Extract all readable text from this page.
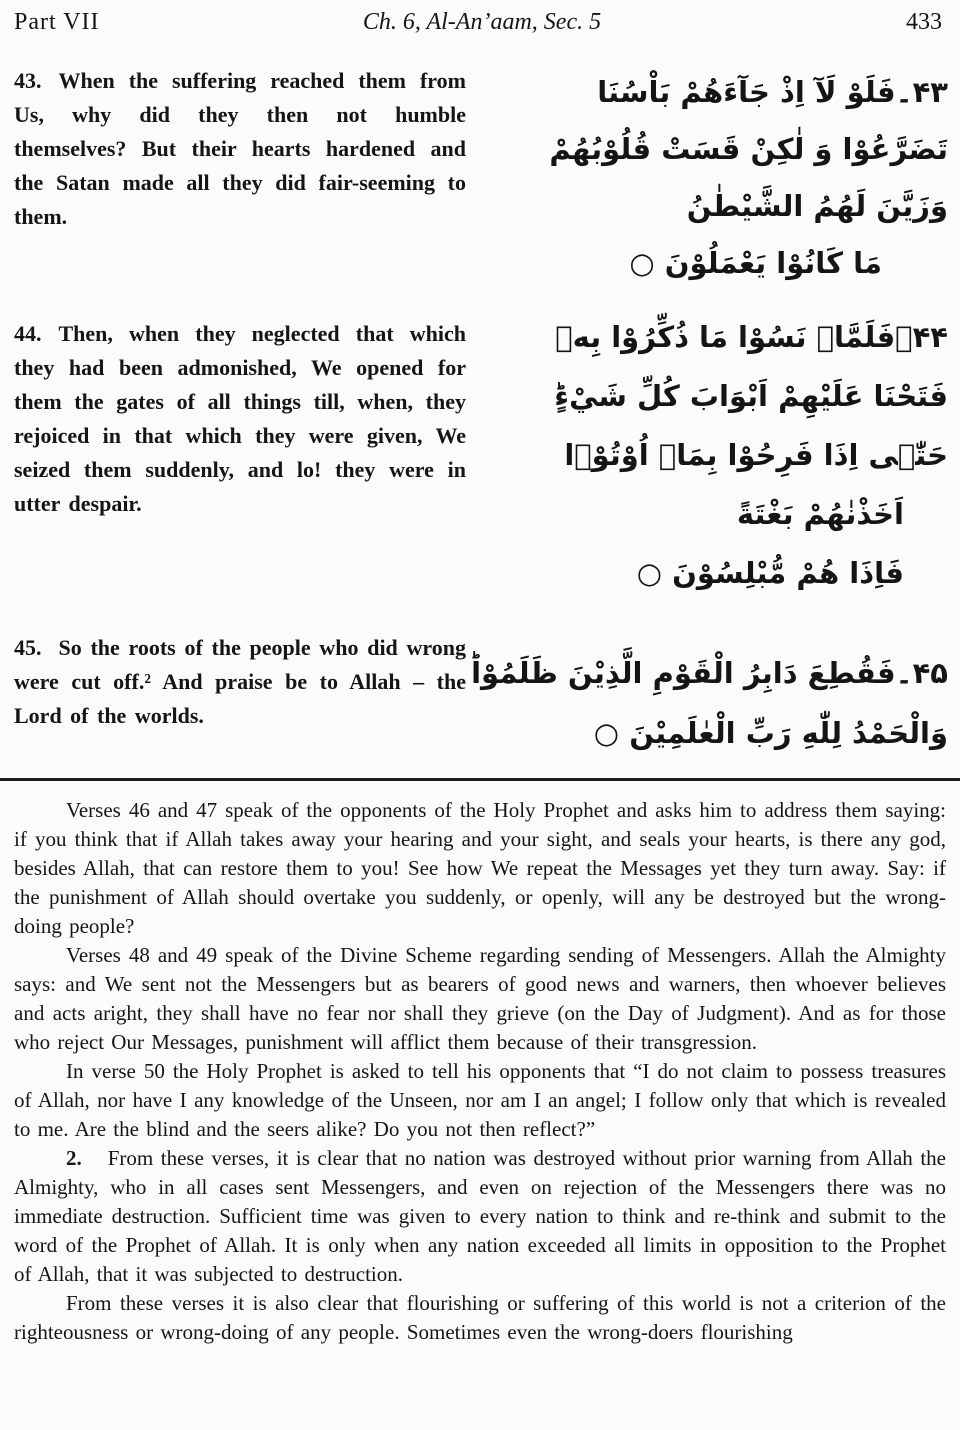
Part VII	Ch. 6, Al-An’aam, Sec. 5	433
43. When the suffering reached them from Us, why did they then not humble themselves? But their hearts hardened and the Satan made all they did fair-seeming to them.
۴۳۔فَلَوْ لَآ اِذْ جَآءَهُمْ بَاْسُنَا
تَضَرَّعُوْا وَ لٰكِنْ قَسَتْ قُلُوْبُهُمْ
وَزَيَّنَ لَهُمُ الشَّيْطٰنُ
مَا كَانُوْا يَعْمَلُوْنَ ○
44. Then, when they neglected that which they had been admonished, We opened for them the gates of all things till, when, they rejoiced in that which they were given, We seized them suddenly, and lo! they were in utter despair.
۴۴۔فَلَمَّاۤ نَسُوْا مَا ذُكِّرُوْا بِهٖ
فَتَحْنَا عَلَيْهِمْ اَبْوَابَ كُلِّ شَيْءٍؕ
حَتّٰۤى اِذَا فَرِحُوْا بِمَاۤ اُوْتُوْۤا
اَخَذْنٰهُمْ بَغْتَةً
فَاِذَا هُمْ مُّبْلِسُوْنَ ○
45. So the roots of the people who did wrong were cut off.² And praise be to Allah – the Lord of the worlds.
۴۵۔فَقُطِعَ دَابِرُ الْقَوْمِ الَّذِيْنَ ظَلَمُوْاؕ
وَالْحَمْدُ لِلّٰهِ رَبِّ الْعٰلَمِيْنَ ○

Verses 46 and 47 speak of the opponents of the Holy Prophet and asks him to address them saying: if you think that if Allah takes away your hearing and your sight, and seals your hearts, is there any god, besides Allah, that can restore them to you! See how We repeat the Messages yet they turn away. Say: if the punishment of Allah should overtake you suddenly, or openly, will any be destroyed but the wrong-doing people?

Verses 48 and 49 speak of the Divine Scheme regarding sending of Messengers. Allah the Almighty says: and We sent not the Messengers but as bearers of good news and warners, then whoever believes and acts aright, they shall have no fear nor shall they grieve (on the Day of Judgment). And as for those who reject Our Messages, punishment will afflict them because of their transgression.

In verse 50 the Holy Prophet is asked to tell his opponents that “I do not claim to possess treasures of Allah, nor have I any knowledge of the Unseen, nor am I an angel; I follow only that which is revealed to me. Are the blind and the seers alike? Do you not then reflect?”

2. From these verses, it is clear that no nation was destroyed without prior warning from Allah the Almighty, who in all cases sent Messengers, and even on rejection of the Messengers there was no immediate destruction. Sufficient time was given to every nation to think and re-think and submit to the word of the Prophet of Allah. It is only when any nation exceeded all limits in opposition to the Prophet of Allah, that it was subjected to destruction.

From these verses it is also clear that flourishing or suffering of this world is not a criterion of the righteousness or wrong-doing of any people. Sometimes even the wrong-doers flourishing
